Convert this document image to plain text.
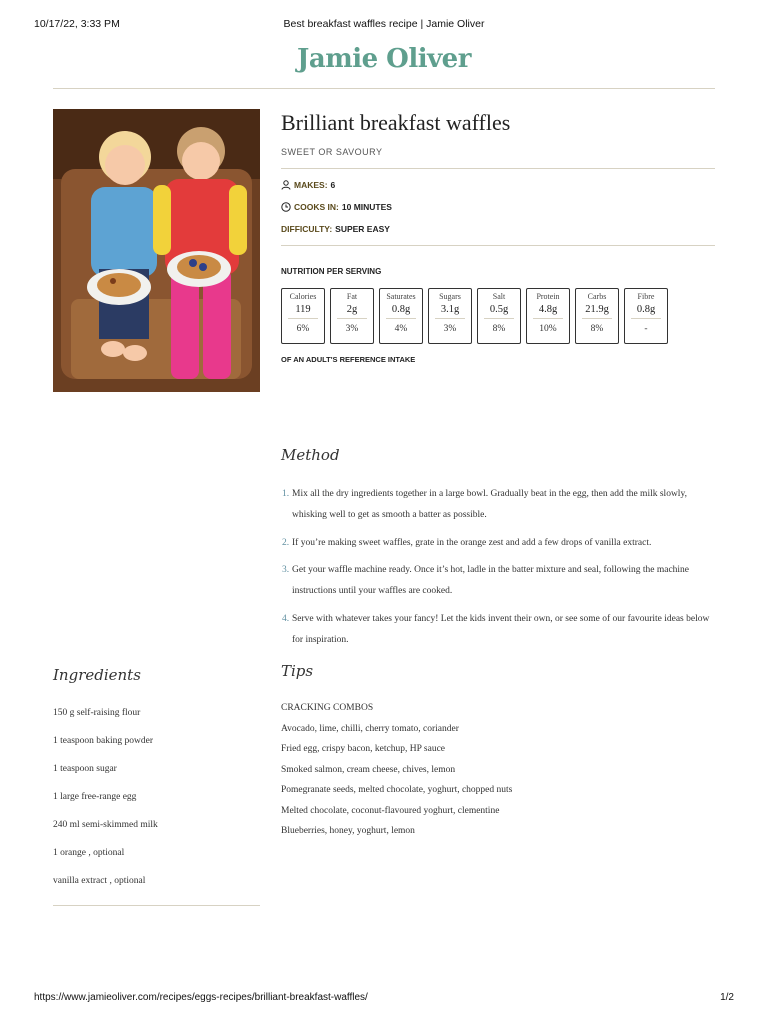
10/17/22, 3:33 PM	Best breakfast waffles recipe | Jamie Oliver
Jamie Oliver
Brilliant breakfast waffles
SWEET OR SAVOURY
MAKES: 6
COOKS IN: 10 MINUTES
DIFFICULTY: SUPER EASY
NUTRITION PER SERVING
Calories
119
6%
Fat
2g
3%
Saturates
0.8g
4%
Sugars
3.1g
3%
Salt
0.5g
8%
Protein
4.8g
10%
Carbs
21.9g
8%
Fibre
0.8g
-
OF AN ADULT'S REFERENCE INTAKE
Method
1. Mix all the dry ingredients together in a large bowl. Gradually beat in the egg, then add the milk slowly, whisking well to get as smooth a batter as possible.
2. If you’re making sweet waffles, grate in the orange zest and add a few drops of vanilla extract.
3. Get your waffle machine ready. Once it’s hot, ladle in the batter mixture and seal, following the machine instructions until your waffles are cooked.
4. Serve with whatever takes your fancy! Let the kids invent their own, or see some of our favourite ideas below for inspiration.
Ingredients
150 g self-raising flour
1 teaspoon baking powder
1 teaspoon sugar
1 large free-range egg
240 ml semi-skimmed milk
1 orange , optional
vanilla extract , optional
Tips
CRACKING COMBOS
Avocado, lime, chilli, cherry tomato, coriander
Fried egg, crispy bacon, ketchup, HP sauce
Smoked salmon, cream cheese, chives, lemon
Pomegranate seeds, melted chocolate, yoghurt, chopped nuts
Melted chocolate, coconut-flavoured yoghurt, clementine
Blueberries, honey, yoghurt, lemon
https://www.jamieoliver.com/recipes/eggs-recipes/brilliant-breakfast-waffles/	1/2
